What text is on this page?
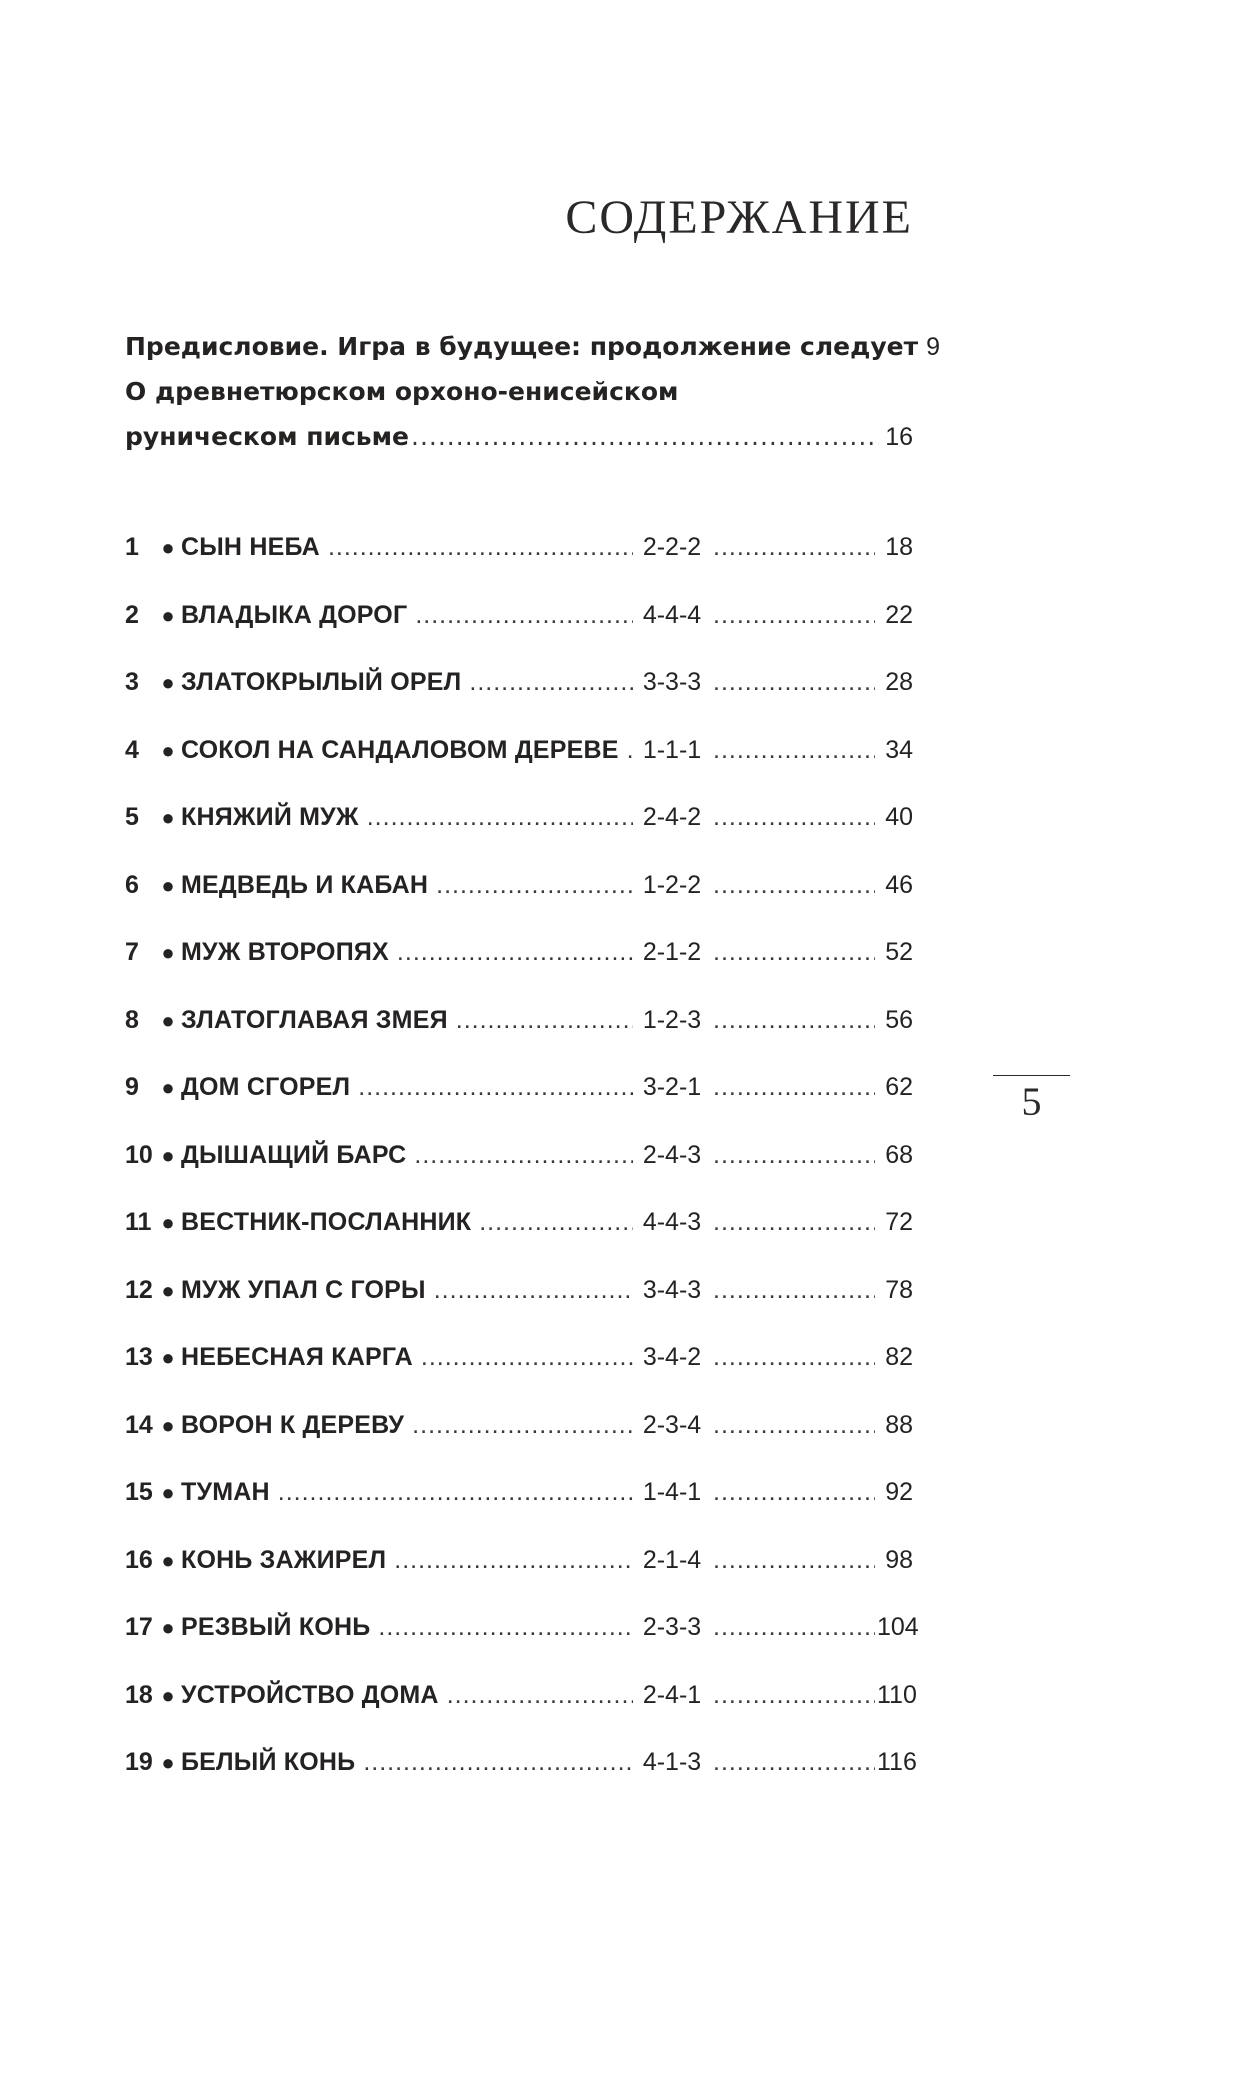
СОДЕРЖАНИЕ
Предисловие. Игра в будущее: продолжение следует 9
О древнетюрском орхоно-енисейском
руническом письме .....	16
1	● СЫН НЕБА .....	2-2-2 .....	18
2	● ВЛАДЫКА ДОРОГ .....	4-4-4 .....	22
3	● ЗЛАТОКРЫЛЫЙ ОРЕЛ .....	3-3-3 .....	28
4	● СОКОЛ НА САНДАЛОВОМ ДЕРЕВЕ ..... 1-1-1 .....	34
5	● КНЯЖИЙ МУЖ .....	2-4-2 .....	40
6	● МЕДВЕДЬ И КАБАН .....	1-2-2 .....	46
7	● МУЖ ВТОРОПЯХ .....	2-1-2 .....	52
8	● ЗЛАТОГЛАВАЯ ЗМЕЯ .....	1-2-3 .....	56
9	● ДОМ СГОРЕЛ .....	3-2-1 .....	62
10 ● ДЫШАЩИЙ БАРС .....	2-4-3 .....	68
11 ● ВЕСТНИК-ПОСЛАННИК .....	4-4-3 .....	72
12 ● МУЖ УПАЛ С ГОРЫ .....	3-4-3 .....	78
13 ● НЕБЕСНАЯ КАРГА .....	3-4-2 .....	82
14 ● ВОРОН К ДЕРЕВУ .....	2-3-4 .....	88
15 ● ТУМАН .....	1-4-1 .....	92
16 ● КОНЬ ЗАЖИРЕЛ .....	2-1-4 .....	98
17 ● РЕЗВЫЙ КОНЬ .....	2-3-3 .....	104
18 ● УСТРОЙСТВО ДОМА .....	2-4-1 .....	110
19 ● БЕЛЫЙ КОНЬ .....	4-1-3 .....	116
5
